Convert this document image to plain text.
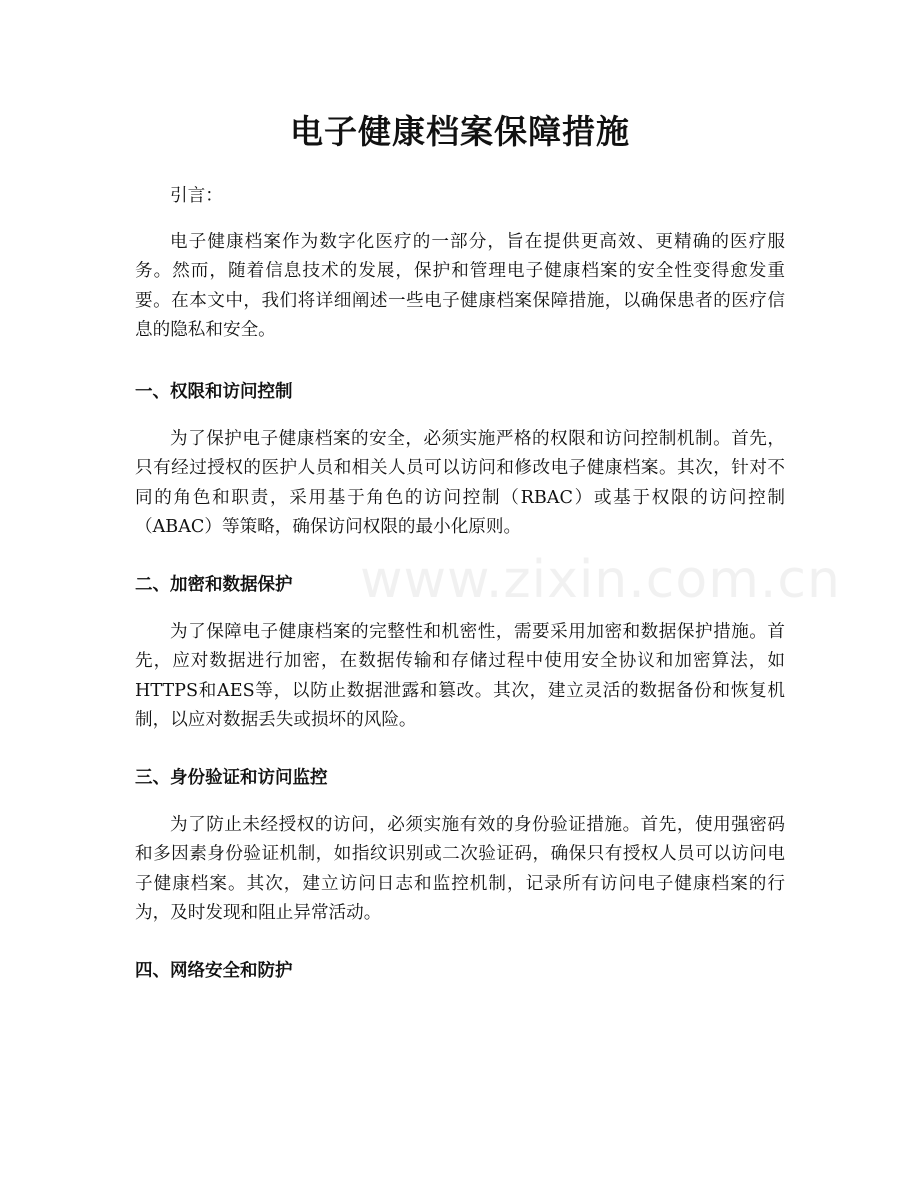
电子健康档案保障措施

引言：

电子健康档案作为数字化医疗的一部分，旨在提供更高效、更精确的医疗服务。然而，随着信息技术的发展，保护和管理电子健康档案的安全性变得愈发重要。在本文中，我们将详细阐述一些电子健康档案保障措施，以确保患者的医疗信息的隐私和安全。

一、权限和访问控制

为了保护电子健康档案的安全，必须实施严格的权限和访问控制机制。首先，只有经过授权的医护人员和相关人员可以访问和修改电子健康档案。其次，针对不同的角色和职责，采用基于角色的访问控制（RBAC）或基于权限的访问控制（ABAC）等策略，确保访问权限的最小化原则。

二、加密和数据保护

为了保障电子健康档案的完整性和机密性，需要采用加密和数据保护措施。首先，应对数据进行加密，在数据传输和存储过程中使用安全协议和加密算法，如HTTPS和AES等，以防止数据泄露和篡改。其次，建立灵活的数据备份和恢复机制，以应对数据丢失或损坏的风险。

三、身份验证和访问监控

为了防止未经授权的访问，必须实施有效的身份验证措施。首先，使用强密码和多因素身份验证机制，如指纹识别或二次验证码，确保只有授权人员可以访问电子健康档案。其次，建立访问日志和监控机制，记录所有访问电子健康档案的行为，及时发现和阻止异常活动。

四、网络安全和防护

www.zixin.com.cn
